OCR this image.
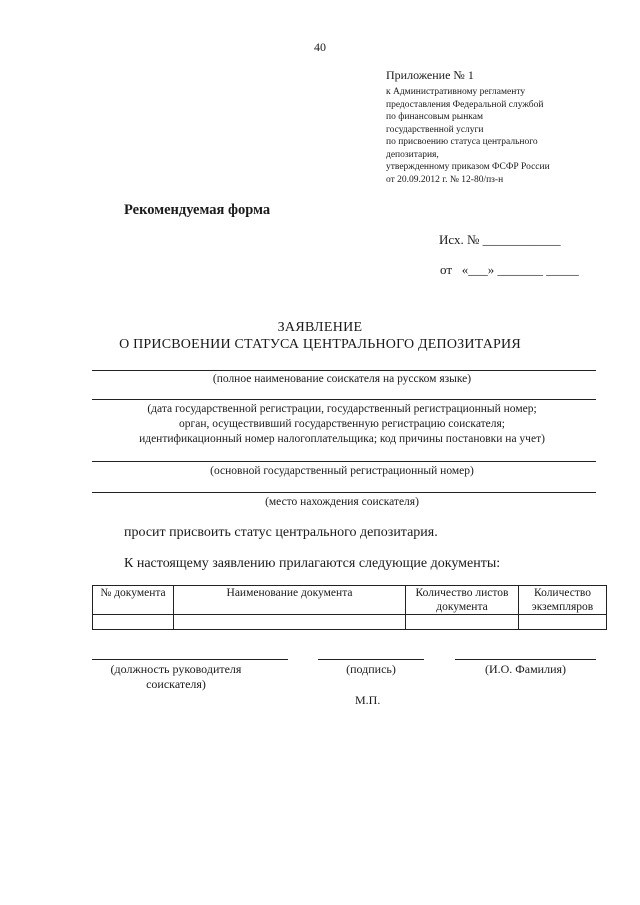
40
Приложение № 1
к Административному регламенту
предоставления Федеральной службой
по финансовым рынкам
государственной услуги
по присвоению статуса центрального
депозитария,
утвержденному приказом ФСФР России
от 20.09.2012 г. № 12-80/пз-н
Рекомендуемая форма
Исх. № ____________
от «___» _______ _____
ЗАЯВЛЕНИЕ
О ПРИСВОЕНИИ СТАТУСА ЦЕНТРАЛЬНОГО ДЕПОЗИТАРИЯ
(полное наименование соискателя на русском языке)
(дата государственной регистрации, государственный регистрационный номер;
орган, осуществивший государственную регистрацию соискателя;
идентификационный номер налогоплательщика; код причины постановки на учет)
(основной государственный регистрационный номер)
(место нахождения соискателя)
просит присвоить статус центрального депозитария.
К настоящему заявлению прилагаются следующие документы:
№ документа	Наименование документа	Количество листов документа	Количество экземпляров

(должность руководителя соискателя)
(подпись)	(И.О. Фамилия)
М.П.
